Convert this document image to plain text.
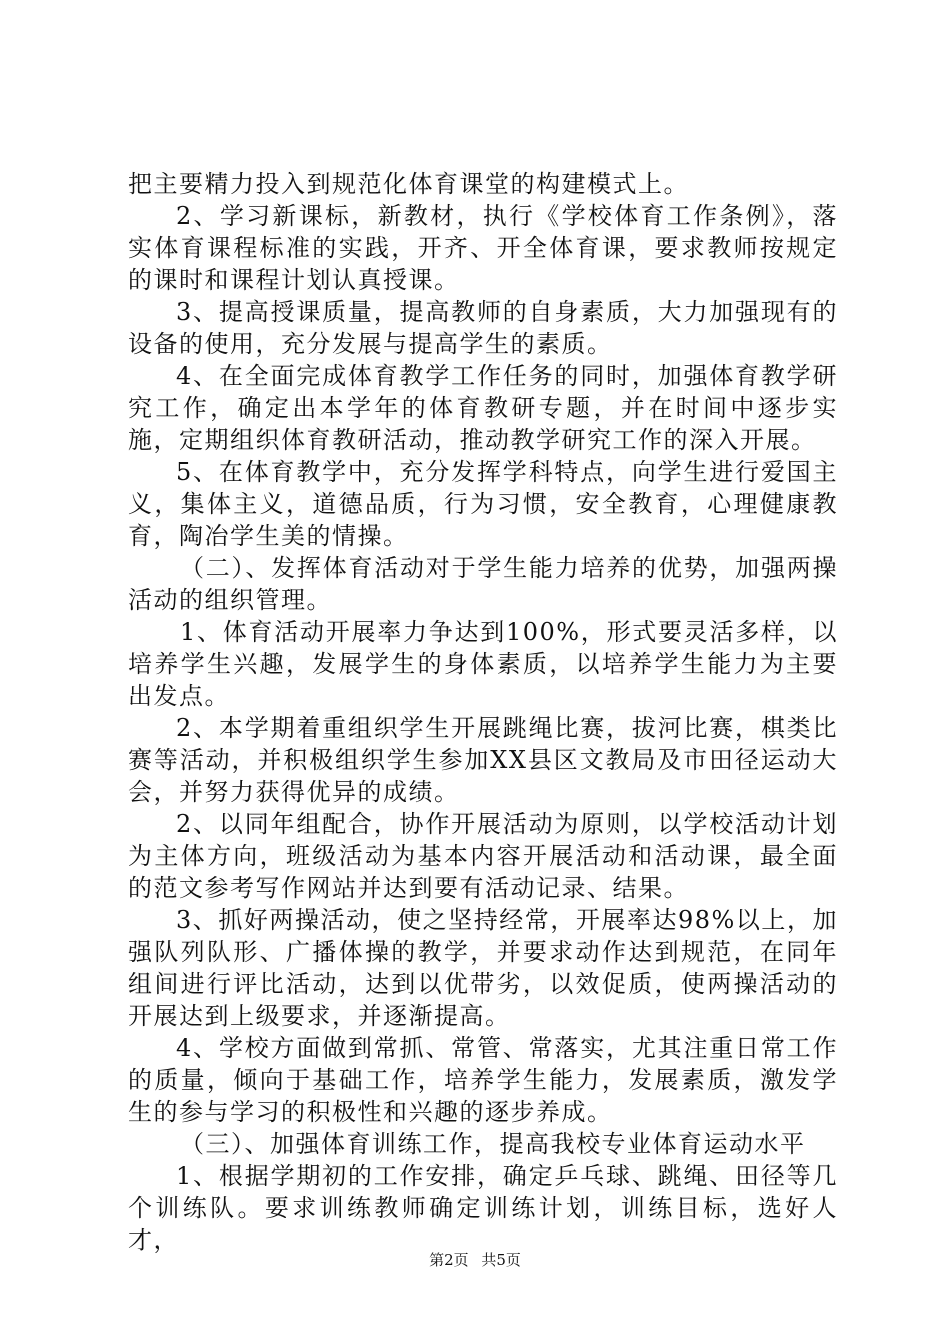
把主要精力投入到规范化体育课堂的构建模式上。

2、学习新课标，新教材，执行《学校体育工作条例》，落实体育课程标准的实践，开齐、开全体育课，要求教师按规定的课时和课程计划认真授课。

3、提高授课质量，提高教师的自身素质，大力加强现有的设备的使用，充分发展与提高学生的素质。

4、在全面完成体育教学工作任务的同时，加强体育教学研究工作，确定出本学年的体育教研专题，并在时间中逐步实施，定期组织体育教研活动，推动教学研究工作的深入开展。

5、在体育教学中，充分发挥学科特点，向学生进行爱国主义，集体主义，道德品质，行为习惯，安全教育，心理健康教育，陶冶学生美的情操。

（二）、发挥体育活动对于学生能力培养的优势，加强两操活动的组织管理。

1、体育活动开展率力争达到100%，形式要灵活多样，以培养学生兴趣，发展学生的身体素质，以培养学生能力为主要出发点。

2、本学期着重组织学生开展跳绳比赛，拔河比赛，棋类比赛等活动，并积极组织学生参加XX县区文教局及市田径运动大会，并努力获得优异的成绩。

2、以同年组配合，协作开展活动为原则，以学校活动计划为主体方向，班级活动为基本内容开展活动和活动课，最全面的范文参考写作网站并达到要有活动记录、结果。

3、抓好两操活动，使之坚持经常，开展率达98%以上，加强队列队形、广播体操的教学，并要求动作达到规范，在同年组间进行评比活动，达到以优带劣，以效促质，使两操活动的开展达到上级要求，并逐渐提高。

4、学校方面做到常抓、常管、常落实，尤其注重日常工作的质量，倾向于基础工作，培养学生能力，发展素质，激发学生的参与学习的积极性和兴趣的逐步养成。

（三）、加强体育训练工作，提高我校专业体育运动水平

1、根据学期初的工作安排，确定乒乓球、跳绳、田径等几个训练队。要求训练教师确定训练计划，训练目标，选好人才，

第2页 共5页
